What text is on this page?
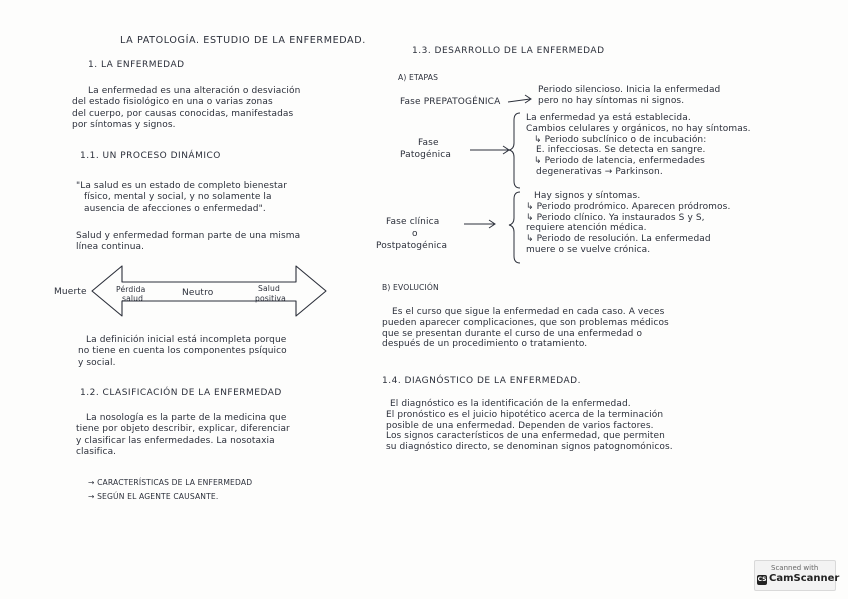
LA PATOLOGÍA. ESTUDIO DE LA ENFERMEDAD.
1. LA ENFERMEDAD
La enfermedad es una alteración o desviación
del estado fisiológico en una o varias zonas
del cuerpo, por causas conocidas, manifestadas
por síntomas y signos.
1.1. UN PROCESO DINÁMICO
"La salud es un estado de completo bienestar
físico, mental y social, y no solamente la
ausencia de afecciones o enfermedad".
Salud y enfermedad forman parte de una misma
línea continua.
Muerte	Pérdida
salud
Neutro	Salud
positiva
La definición inicial está incompleta porque
no tiene en cuenta los componentes psíquico
y social.
1.2. CLASIFICACIÓN DE LA ENFERMEDAD
La nosología es la parte de la medicina que
tiene por objeto describir, explicar, diferenciar
y clasificar las enfermedades. La nosotaxia
clasifica.
→ CARACTERÍSTICAS DE LA ENFERMEDAD
→ SEGÚN EL AGENTE CAUSANTE.
1.3. DESARROLLO DE LA ENFERMEDAD
A) ETAPAS
Fase PREPATOGÉNICA
Periodo silencioso. Inicia la enfermedad
pero no hay síntomas ni signos.
Fase
Patogénica
La enfermedad ya está establecida.
Cambios celulares y orgánicos, no hay síntomas.
↳ Periodo subclínico o de incubación:
E. infecciosas. Se detecta en sangre.
↳ Periodo de latencia, enfermedades
degenerativas → Parkinson.
Fase clínica
o
Postpatogénica
Hay signos y síntomas.
↳ Periodo prodrómico. Aparecen pródromos.
↳ Periodo clínico. Ya instaurados S y S,
requiere atención médica.
↳ Periodo de resolución. La enfermedad
muere o se vuelve crónica.
B) EVOLUCIÓN
Es el curso que sigue la enfermedad en cada caso. A veces
pueden aparecer complicaciones, que son problemas médicos
que se presentan durante el curso de una enfermedad o
después de un procedimiento o tratamiento.
1.4. DIAGNÓSTICO DE LA ENFERMEDAD.
El diagnóstico es la identificación de la enfermedad.
El pronóstico es el juicio hipotético acerca de la terminación
posible de una enfermedad. Dependen de varios factores.
Los signos característicos de una enfermedad, que permiten
su diagnóstico directo, se denominan signos patognomónicos.
Scanned with
CS CamScanner
